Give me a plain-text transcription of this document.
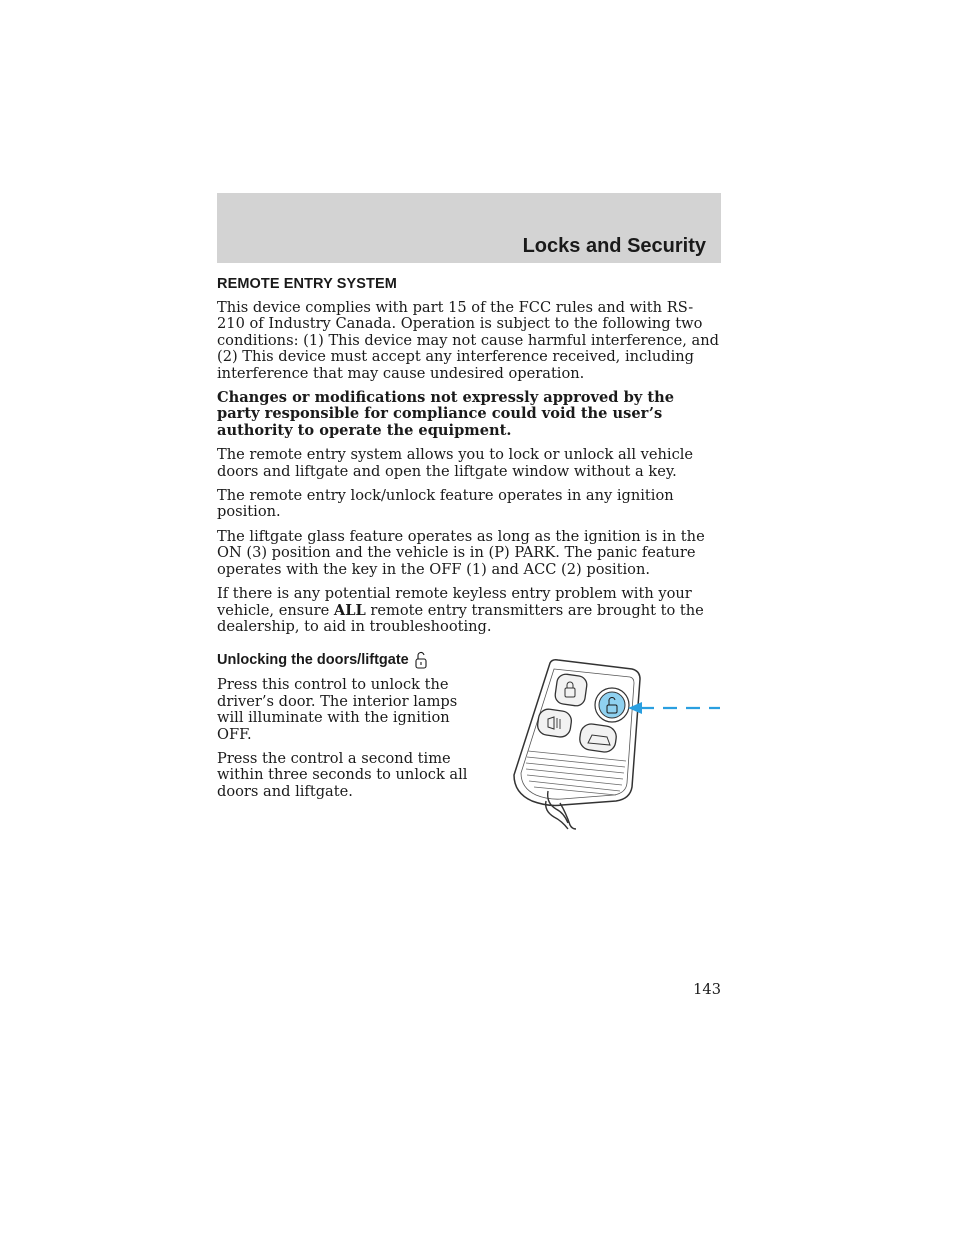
Locks and Security
REMOTE ENTRY SYSTEM

This device complies with part 15 of the FCC rules and with RS-210 of Industry Canada. Operation is subject to the following two conditions: (1) This device may not cause harmful interference, and (2) This device must accept any interference received, including interference that may cause undesired operation.

Changes or modifications not expressly approved by the party responsible for compliance could void the user’s authority to operate the equipment.

The remote entry system allows you to lock or unlock all vehicle doors and liftgate and open the liftgate window without a key.

The remote entry lock/unlock feature operates in any ignition position.

The liftgate glass feature operates as long as the ignition is in the ON (3) position and the vehicle is in (P) PARK. The panic feature operates with the key in the OFF (1) and ACC (2) position.

If there is any potential remote keyless entry problem with your vehicle, ensure ALL remote entry transmitters are brought to the dealership, to aid in troubleshooting.

Unlocking the doors/liftgate

Press this control to unlock the driver’s door. The interior lamps will illuminate with the ignition OFF.

Press the control a second time within three seconds to unlock all doors and liftgate.

143
